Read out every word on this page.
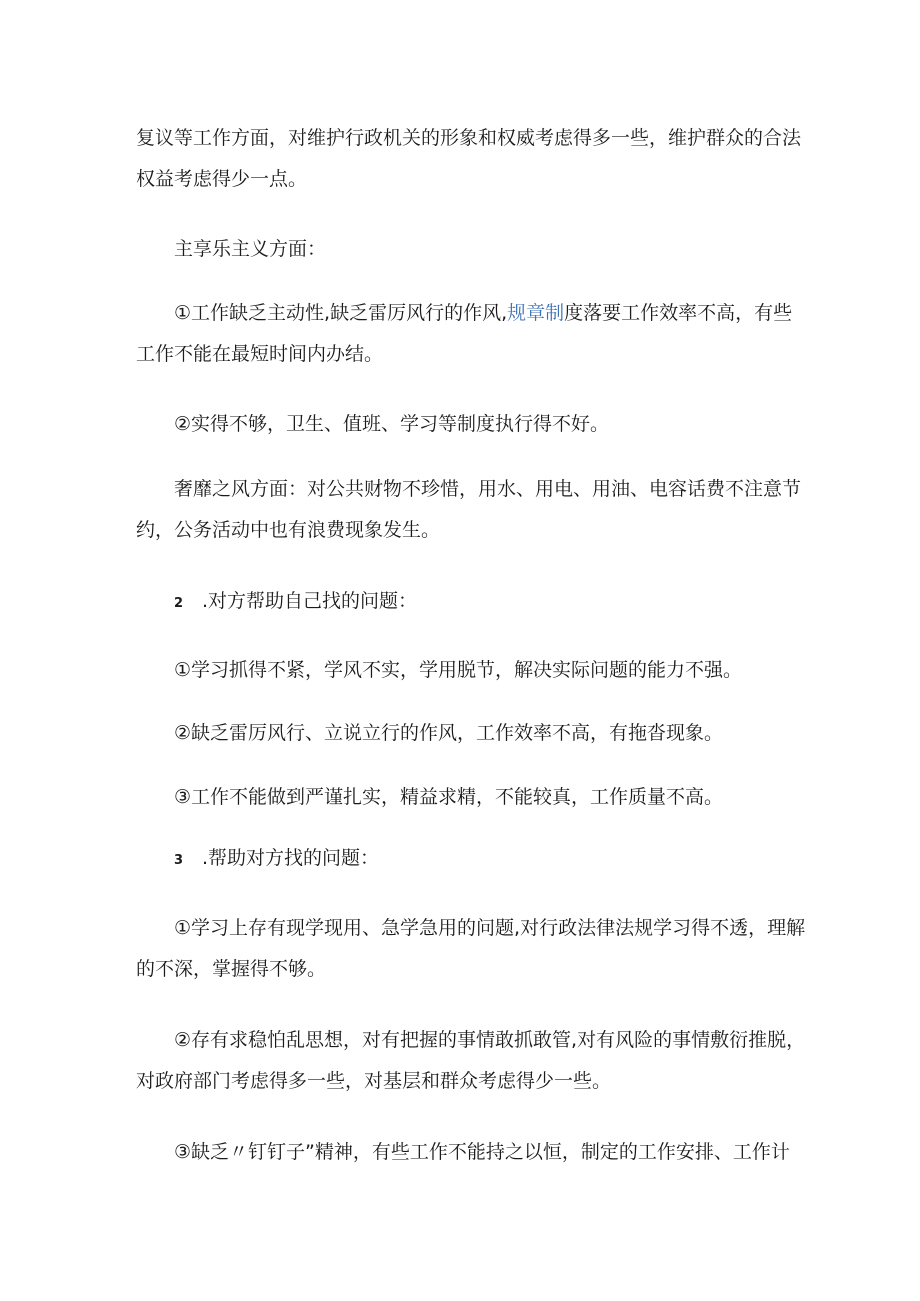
复议等工作方面，对维护行政机关的形象和权威考虑得多一些，维护群众的合法
权益考虑得少一点。
主享乐主义方面：
①工作缺乏主动性,缺乏雷厉风行的作风,规章制度落要工作效率不高，有些
工作不能在最短时间内办结。
②实得不够，卫生、值班、学习等制度执行得不好。
奢靡之风方面：对公共财物不珍惜，用水、用电、用油、电容话费不注意节
约，公务活动中也有浪费现象发生。
2 .对方帮助自己找的问题：
①学习抓得不紧，学风不实，学用脱节，解决实际问题的能力不强。
②缺乏雷厉风行、立说立行的作风，工作效率不高，有拖沓现象。
③工作不能做到严谨扎实，精益求精，不能较真，工作质量不高。
3 .帮助对方找的问题：
①学习上存有现学现用、急学急用的问题,对行政法律法规学习得不透，理解
的不深，掌握得不够。
②存有求稳怕乱思想，对有把握的事情敢抓敢管,对有风险的事情敷衍推脱，
对政府部门考虑得多一些，对基层和群众考虑得少一些。
③缺乏〃钉钉子”精神，有些工作不能持之以恒，制定的工作安排、工作计
